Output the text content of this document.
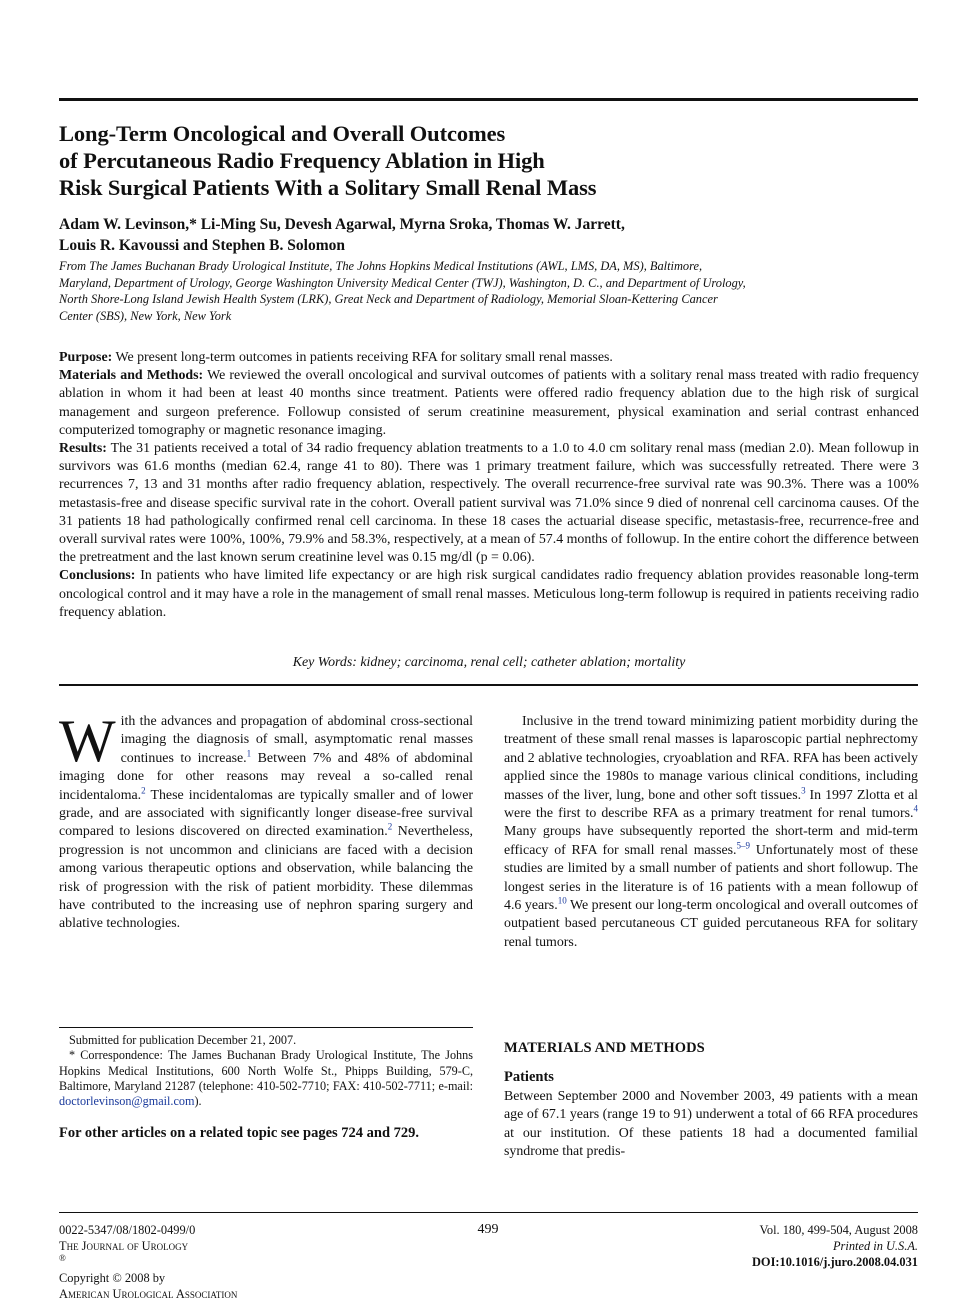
Long-Term Oncological and Overall Outcomes
of Percutaneous Radio Frequency Ablation in High
Risk Surgical Patients With a Solitary Small Renal Mass
Adam W. Levinson,* Li-Ming Su, Devesh Agarwal, Myrna Sroka, Thomas W. Jarrett,
Louis R. Kavoussi and Stephen B. Solomon
From The James Buchanan Brady Urological Institute, The Johns Hopkins Medical Institutions (AWL, LMS, DA, MS), Baltimore,
Maryland, Department of Urology, George Washington University Medical Center (TWJ), Washington, D. C., and Department of Urology,
North Shore-Long Island Jewish Health System (LRK), Great Neck and Department of Radiology, Memorial Sloan-Kettering Cancer
Center (SBS), New York, New York

Purpose: We present long-term outcomes in patients receiving RFA for solitary small renal masses.

Materials and Methods: We reviewed the overall oncological and survival outcomes of patients with a solitary renal mass treated with radio frequency ablation in whom it had been at least 40 months since treatment. Patients were offered radio frequency ablation due to the high risk of surgical management and surgeon preference. Followup consisted of serum creatinine measurement, physical examination and serial contrast enhanced computerized tomography or magnetic resonance imaging.

Results: The 31 patients received a total of 34 radio frequency ablation treatments to a 1.0 to 4.0 cm solitary renal mass (median 2.0). Mean followup in survivors was 61.6 months (median 62.4, range 41 to 80). There was 1 primary treatment failure, which was successfully retreated. There were 3 recurrences 7, 13 and 31 months after radio frequency ablation, respectively. The overall recurrence-free survival rate was 90.3%. There was a 100% metastasis-free and disease specific survival rate in the cohort. Overall patient survival was 71.0% since 9 died of nonrenal cell carcinoma causes. Of the 31 patients 18 had pathologically confirmed renal cell carcinoma. In these 18 cases the actuarial disease specific, metastasis-free, recurrence-free and overall survival rates were 100%, 100%, 79.9% and 58.3%, respectively, at a mean of 57.4 months of followup. In the entire cohort the difference between the pretreatment and the last known serum creatinine level was 0.15 mg/dl (p = 0.06).

Conclusions: In patients who have limited life expectancy or are high risk surgical candidates radio frequency ablation provides reasonable long-term oncological control and it may have a role in the management of small renal masses. Meticulous long-term followup is required in patients receiving radio frequency ablation.

Key Words: kidney; carcinoma, renal cell; catheter ablation; mortality

With the advances and propagation of abdominal cross-sectional imaging the diagnosis of small, asymptomatic renal masses continues to increase.$^1$ Between 7% and 48% of abdominal imaging done for other reasons may reveal a so-called renal incidentaloma.$^2$ These incidentalomas are typically smaller and of lower grade, and are associated with significantly longer disease-free survival compared to lesions discovered on directed examination.$^2$ Nevertheless, progression is not uncommon and clinicians are faced with a decision among various therapeutic options and observation, while balancing the risk of progression with the risk of patient morbidity. These dilemmas have contributed to the increasing use of nephron sparing surgery and ablative technologies.

Submitted for publication December 21, 2007.

* Correspondence: The James Buchanan Brady Urological Institute, The Johns Hopkins Medical Institutions, 600 North Wolfe St., Phipps Building, 579-C, Baltimore, Maryland 21287 (telephone: 410-502-7710; FAX: 410-502-7711; e-mail: doctorlevinson@gmail.com).

For other articles on a related topic see pages 724 and 729.

Inclusive in the trend toward minimizing patient morbidity during the treatment of these small renal masses is laparoscopic partial nephrectomy and 2 ablative technologies, cryoablation and RFA. RFA has been actively applied since the 1980s to manage various clinical conditions, including masses of the liver, lung, bone and other soft tissues.$^3$ In 1997 Zlotta et al were the first to describe RFA as a primary treatment for renal tumors.$^4$ Many groups have subsequently reported the short-term and mid-term efficacy of RFA for small renal masses.$^{5-9}$ Unfortunately most of these studies are limited by a small number of patients and short followup. The longest series in the literature is of 16 patients with a mean followup of 4.6 years.$^{10}$ We present our long-term oncological and overall outcomes of outpatient based percutaneous CT guided percutaneous RFA for solitary renal tumors.

MATERIALS AND METHODS
Patients

Between September 2000 and November 2003, 49 patients with a mean age of 67.1 years (range 19 to 91) underwent a total of 66 RFA procedures at our institution. Of these patients 18 had a documented familial syndrome that predis-

0022-5347/08/1802-0499/0
The Journal of Urology
®
Copyright © 2008 by
American Urological Association
499	Vol. 180, 499-504, August 2008
Printed in U.S.A.
DOI:10.1016/j.juro.2008.04.031
